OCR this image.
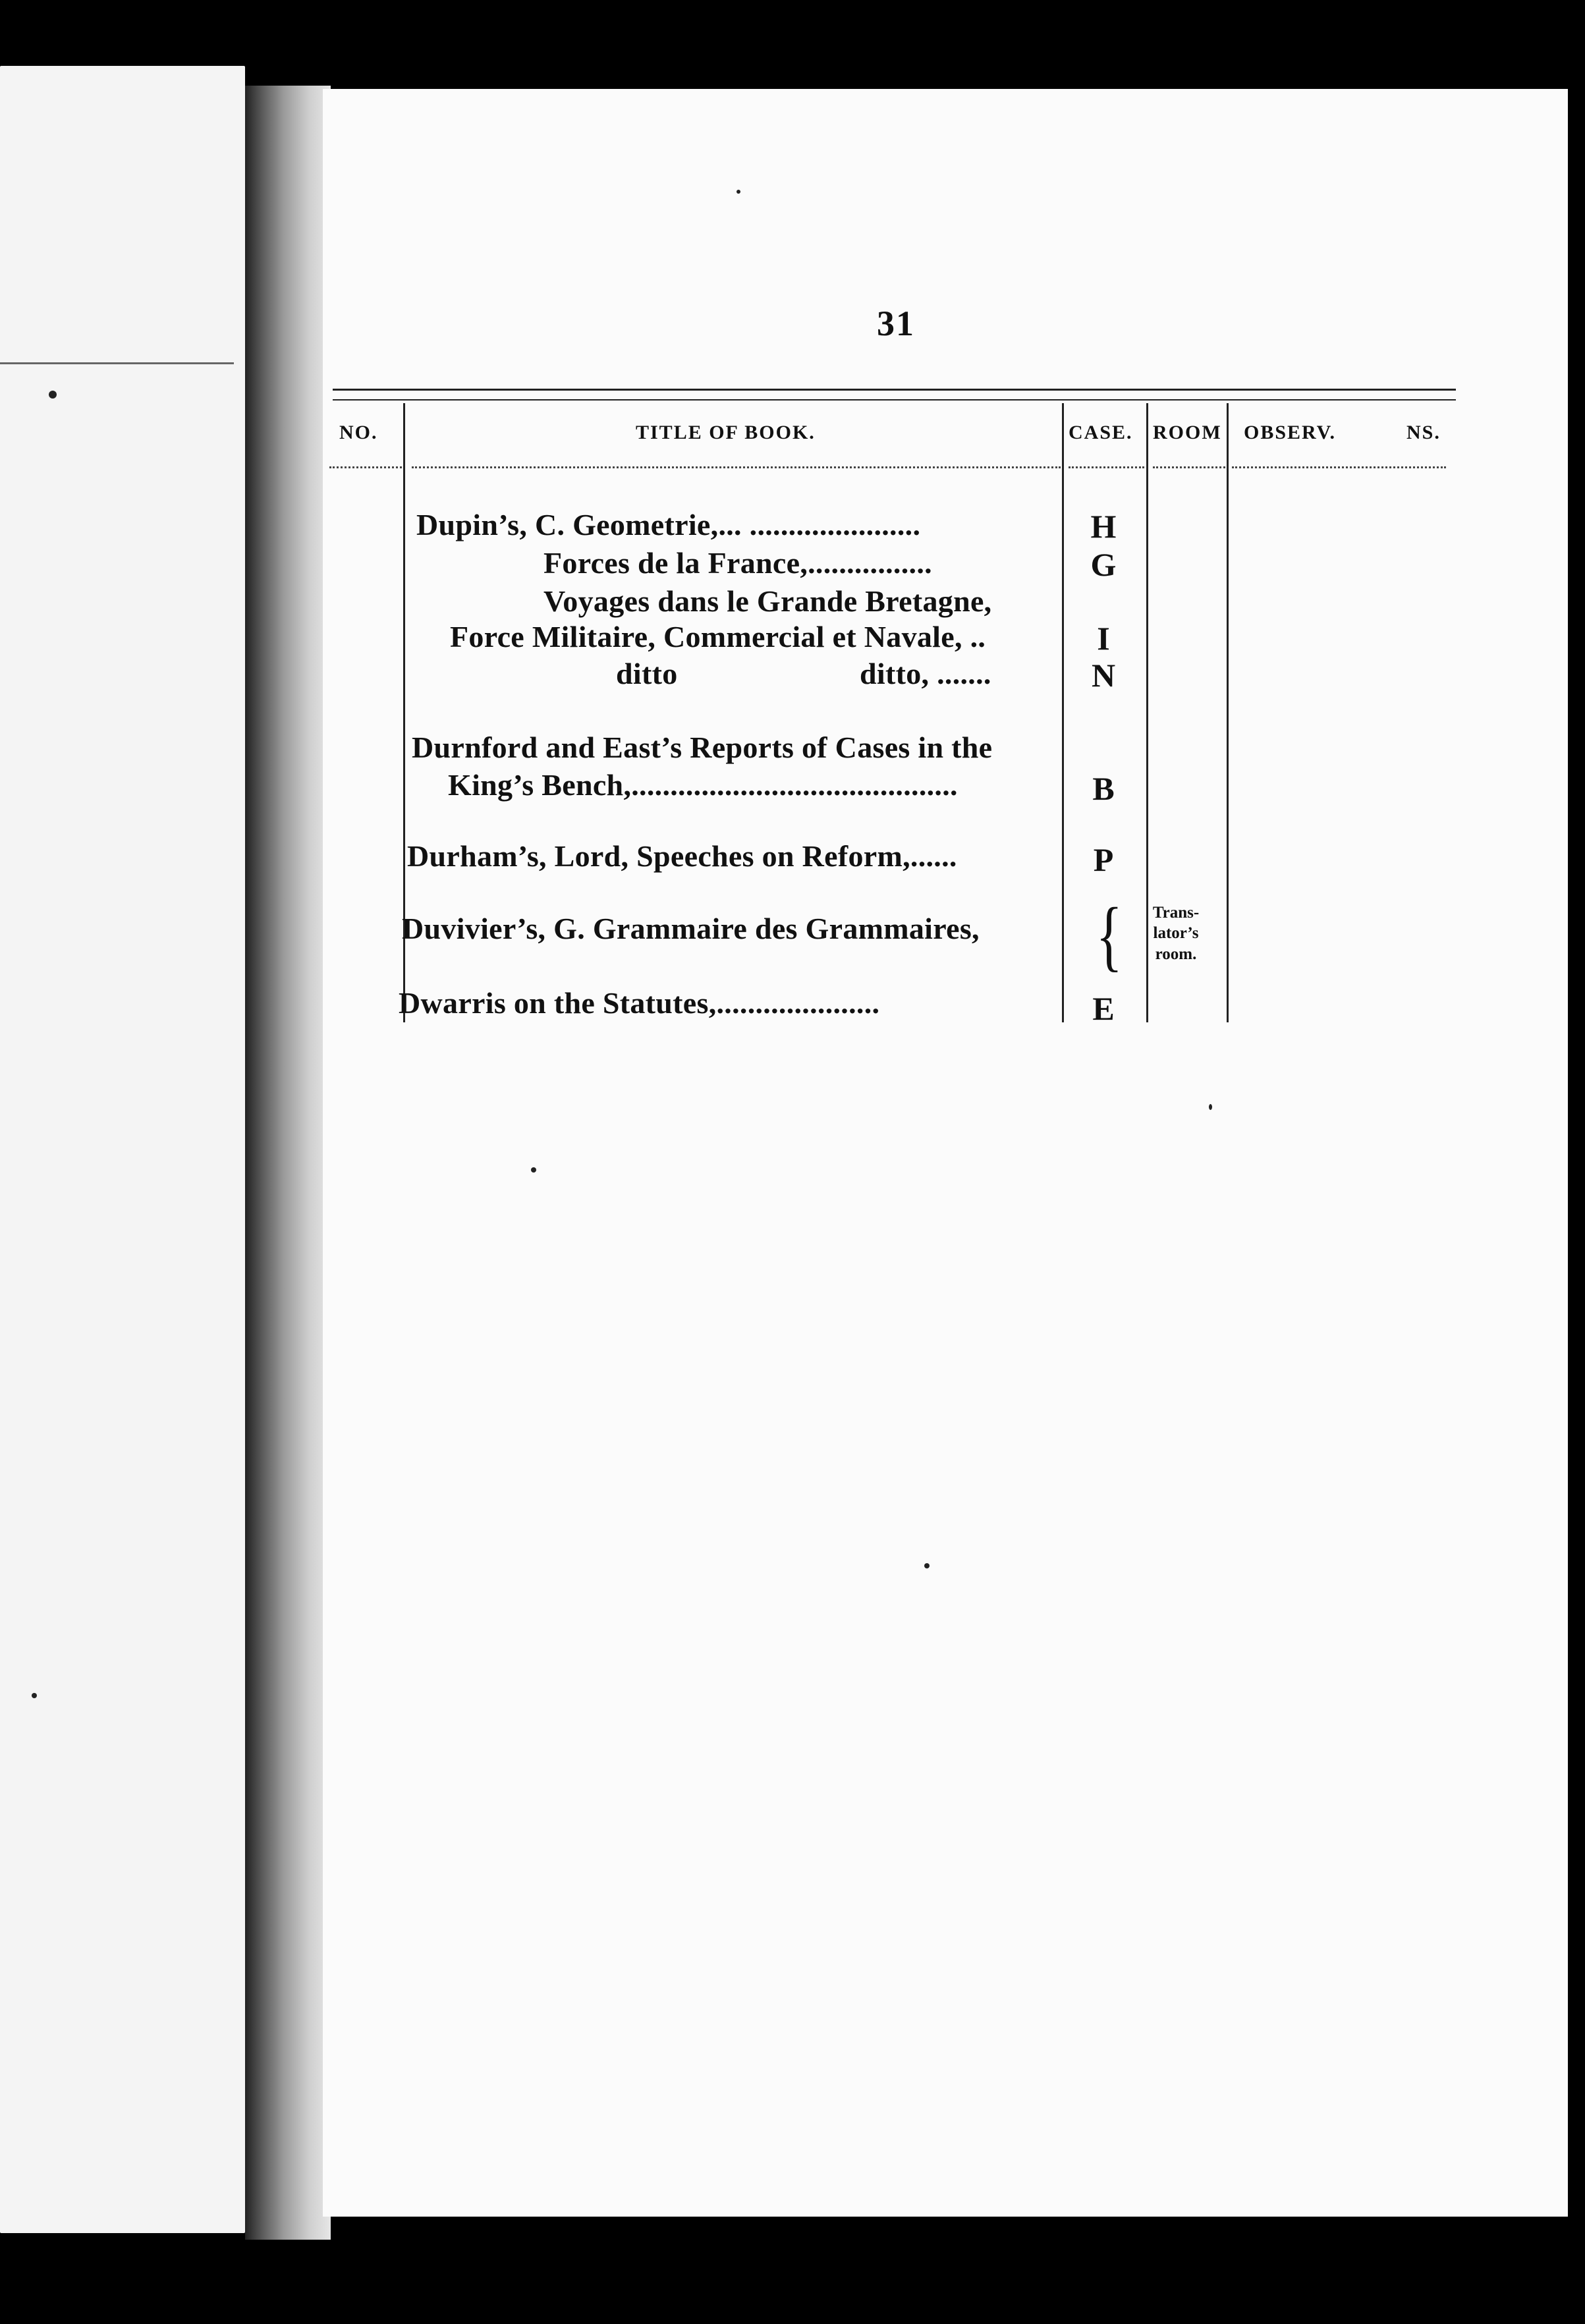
31
NO.	TITLE OF BOOK.	CASE. ROOM OBSERV.	NS.
Dupin’s, C. Geometrie,... ......................	H
Forces de la France,................	G
Voyages dans le Grande Bretagne,
Force Militaire, Commercial et Navale, ..	I
ditto	ditto, .......	N
Durnford and East’s Reports of Cases in the
King’s Bench,..........................................	B
Durham’s, Lord, Speeches on Reform,......	P
Duvivier’s, G. Grammaire des Grammaires, {	Trans-
lator’s
room.
Dwarris on the Statutes,.....................	E
